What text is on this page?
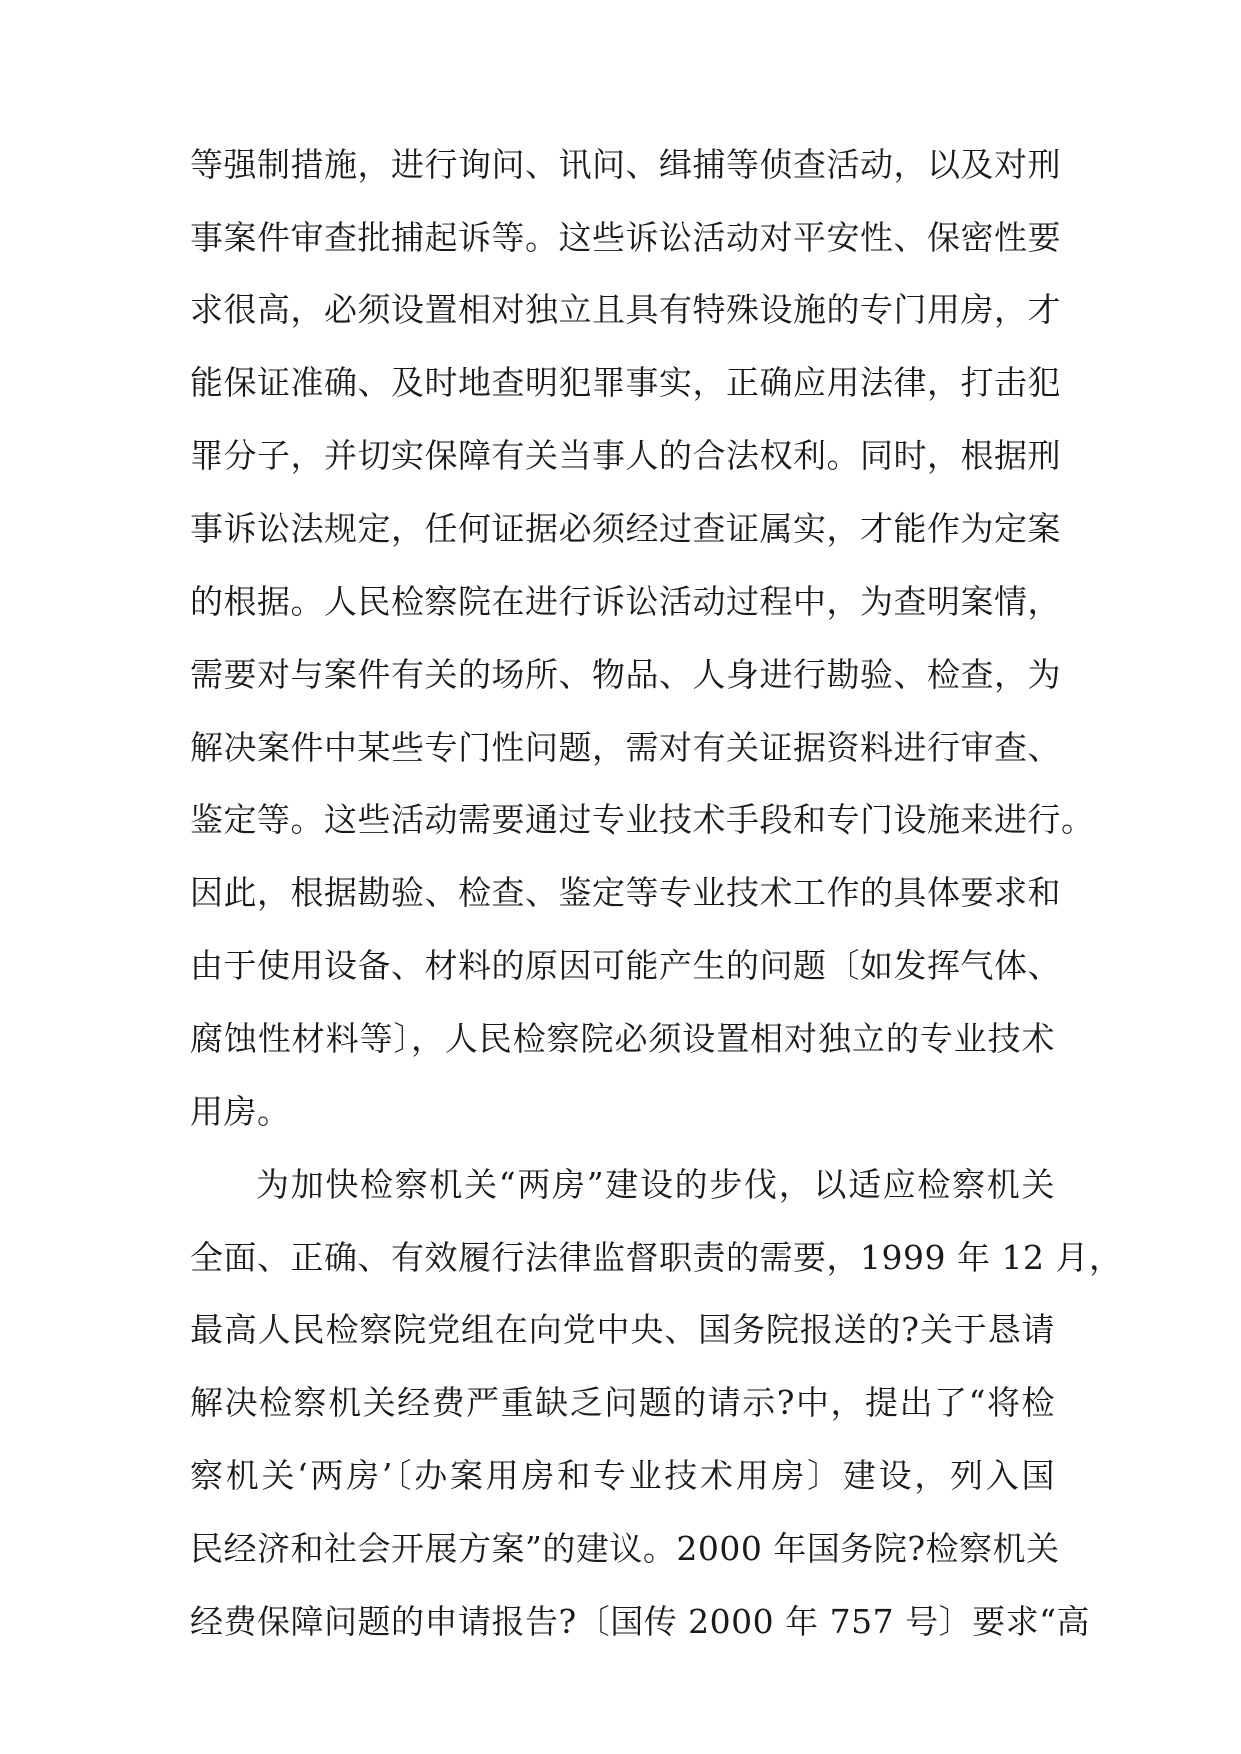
等强制措施，进行询问、讯问、缉捕等侦查活动，以及对刑
事案件审查批捕起诉等。这些诉讼活动对平安性、保密性要
求很高，必须设置相对独立且具有特殊设施的专门用房，才
能保证准确、及时地查明犯罪事实，正确应用法律，打击犯
罪分子，并切实保障有关当事人的合法权利。同时，根据刑
事诉讼法规定，任何证据必须经过查证属实，才能作为定案
的根据。人民检察院在进行诉讼活动过程中，为查明案情，
需要对与案件有关的场所、物品、人身进行勘验、检查，为
解决案件中某些专门性问题，需对有关证据资料进行审查、
鉴定等。这些活动需要通过专业技术手段和专门设施来进行。
因此，根据勘验、检查、鉴定等专业技术工作的具体要求和
由于使用设备、材料的原因可能产生的问题〔如发挥气体、
腐蚀性材料等〕，人民检察院必须设置相对独立的专业技术
用房。
为加快检察机关“两房”建设的步伐，以适应检察机关
全面、正确、有效履行法律监督职责的需要，1999 年 12 月，
最高人民检察院党组在向党中央、国务院报送的?关于恳请
解决检察机关经费严重缺乏问题的请示?中，提出了“将检
察机关‘两房’〔办案用房和专业技术用房〕建设，列入国
民经济和社会开展方案”的建议。2000 年国务院?检察机关
经费保障问题的申请报告?〔国传 2000 年 757 号〕要求“高
